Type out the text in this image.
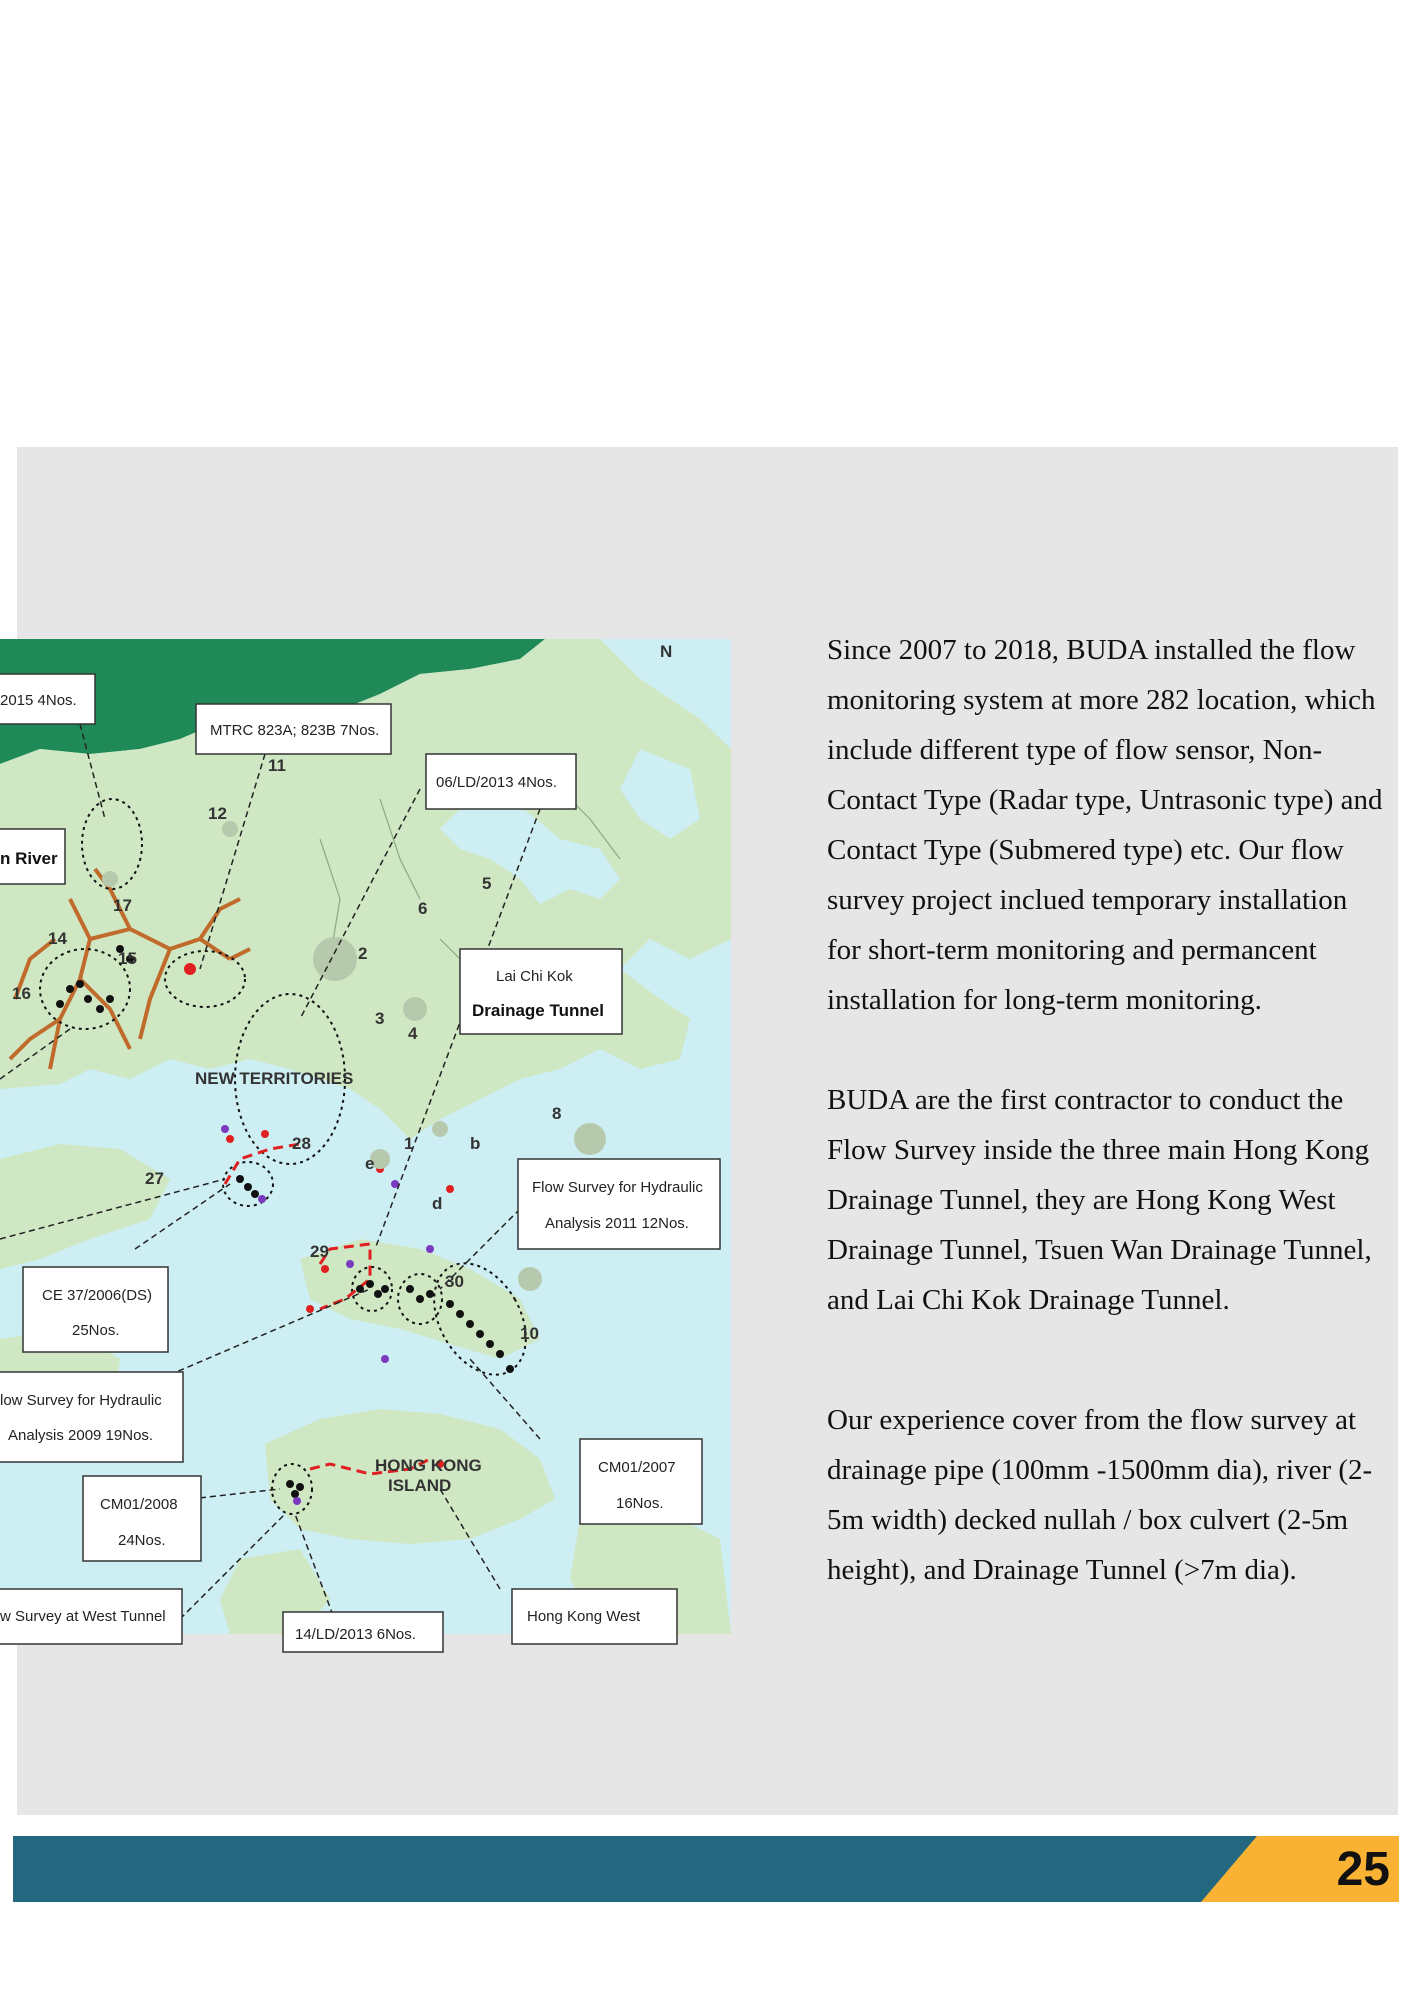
NEW TERRITORIES
HONG KONG
ISLAND
N
11
12
17
14
15
16
2
3
4
5
6
27
28
29
30
10
8
1
d
e
b
2015 4Nos.
MTRC 823A; 823B 7Nos.
06/LD/2013 4Nos.
n River
Lai Chi Kok
Drainage Tunnel
Flow Survey for Hydraulic
Analysis 2011 12Nos.
CE 37/2006(DS)
25Nos.
low Survey for Hydraulic
Analysis 2009 19Nos.
CM01/2007
16Nos.
CM01/2008
24Nos.
w Survey at West Tunnel
14/LD/2013 6Nos.
Hong Kong West

Since 2007 to 2018, BUDA installed the flow monitoring system at more 282 location, which include different type of flow sensor, Non-Contact Type (Radar type, Untrasonic type) and Contact Type (Submered type) etc. Our flow survey project inclued temporary installation for short-term monitoring and permancent installation for long-term monitoring.

BUDA are the first contractor to conduct the Flow Survey inside the three main Hong Kong Drainage Tunnel, they are Hong Kong West Drainage Tunnel, Tsuen Wan Drainage Tunnel, and Lai Chi Kok Drainage Tunnel.

Our experience cover from the flow survey at drainage pipe (100mm -1500mm dia), river (2-5m width) decked nullah / box culvert (2-5m height), and Drainage Tunnel (>7m dia).

25
